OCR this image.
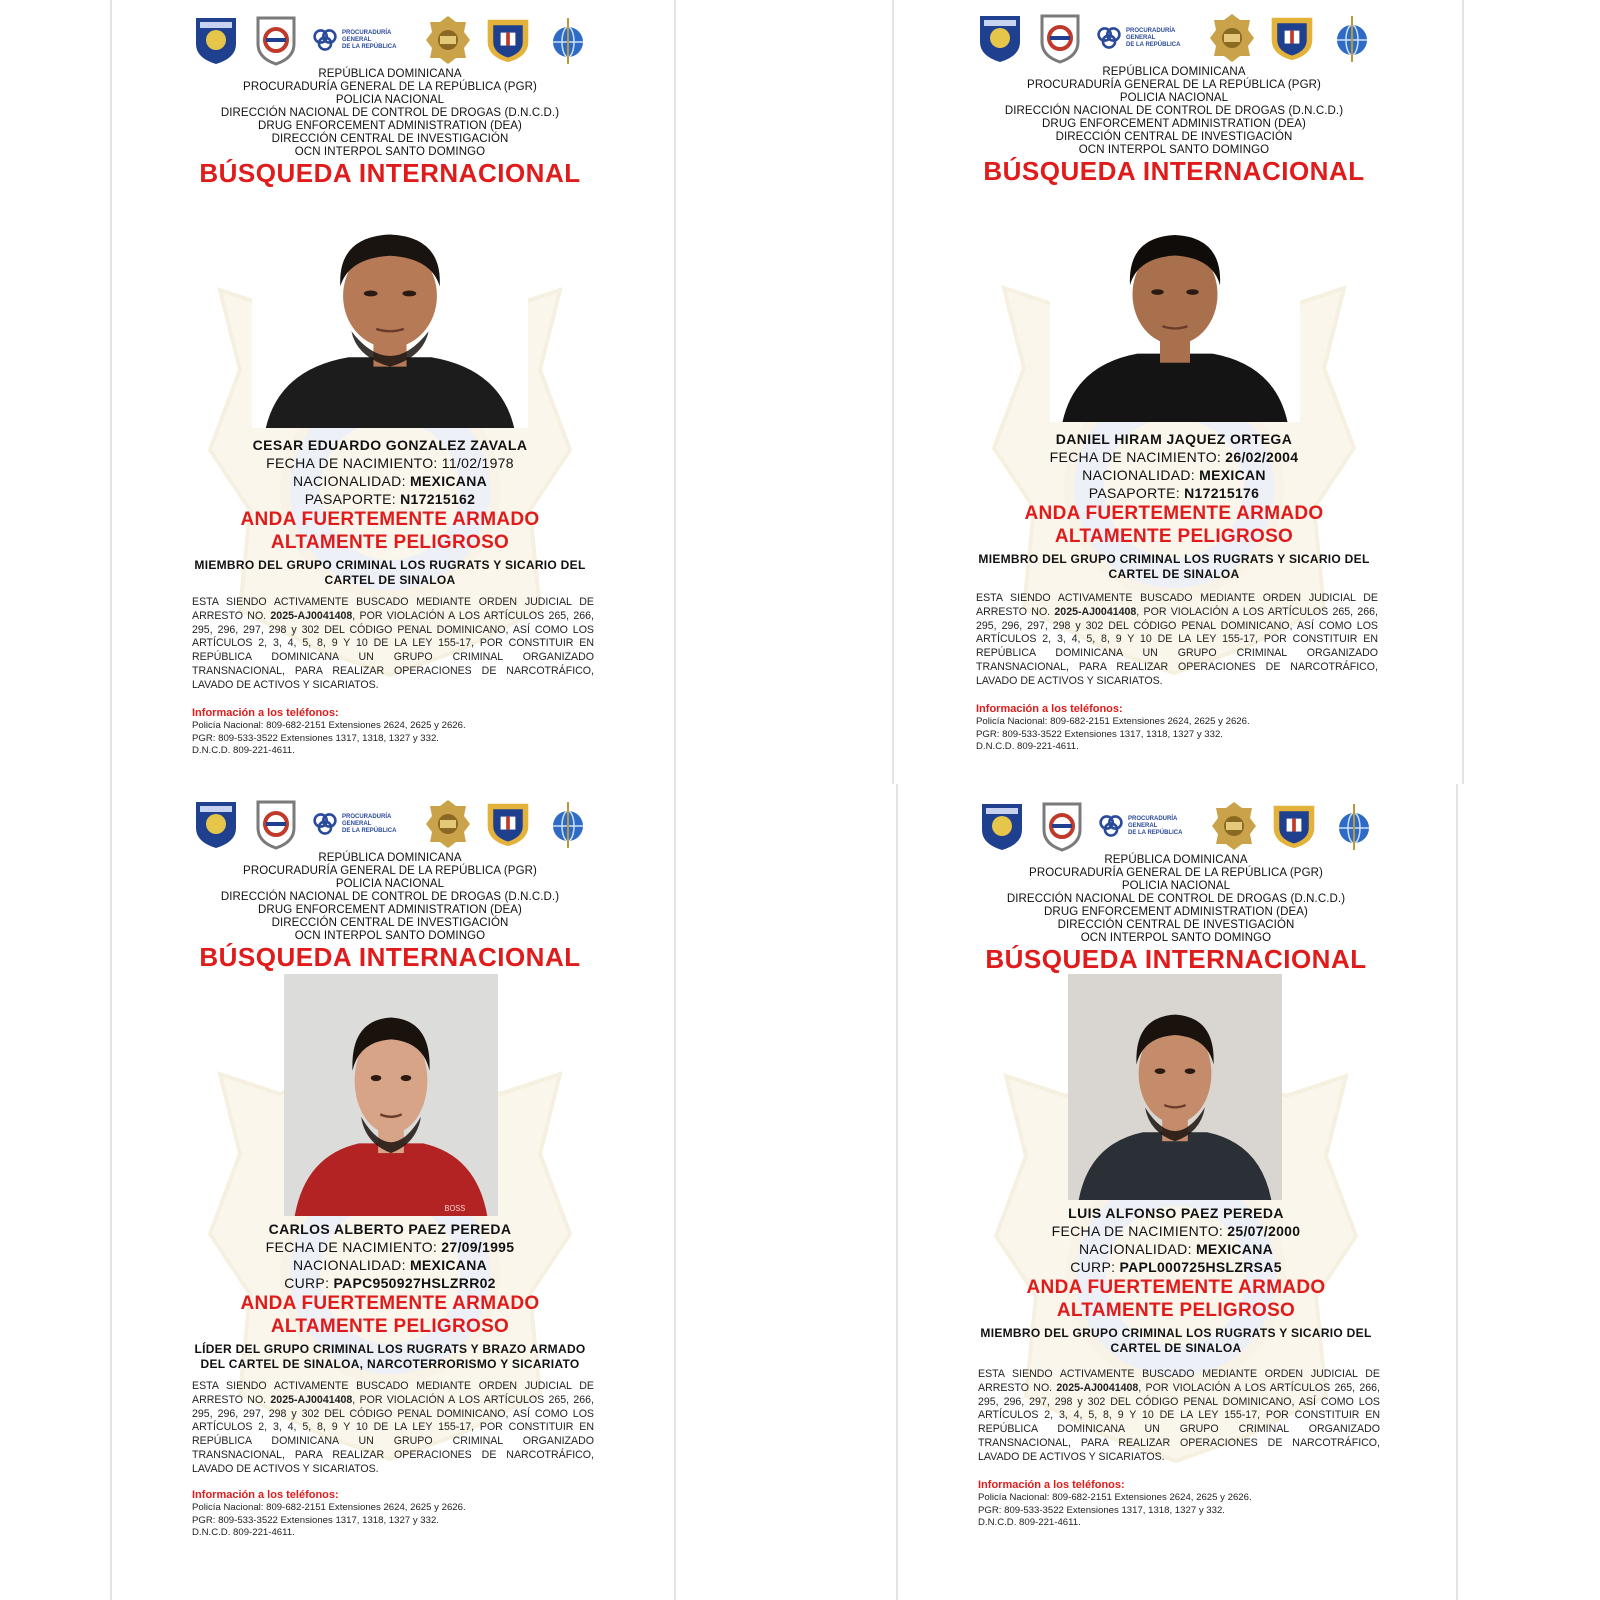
PROCURADURÍA GENERAL
DE LA REPÚBLICA
REPÚBLICA DOMINICANA
PROCURADURÍA GENERAL DE LA REPÚBLICA (PGR)
POLICIA NACIONAL
DIRECCIÓN NACIONAL DE CONTROL DE DROGAS (D.N.C.D.)
DRUG ENFORCEMENT ADMINISTRATION (DEA)
DIRECCIÓN CENTRAL DE INVESTIGACIÓN
OCN INTERPOL SANTO DOMINGO
BÚSQUEDA INTERNACIONAL
CESAR EDUARDO GONZALEZ ZAVALA
FECHA DE NACIMIENTO: 11/02/1978
NACIONALIDAD: MEXICANA
PASAPORTE: N17215162
ANDA FUERTEMENTE ARMADO
ALTAMENTE PELIGROSO
MIEMBRO DEL GRUPO CRIMINAL LOS RUGRATS Y SICARIO DEL
CARTEL DE SINALOA
ESTA SIENDO ACTIVAMENTE BUSCADO MEDIANTE ORDEN JUDICIAL DE ARRESTO NO. 2025-AJ0041408, POR VIOLACIÓN A LOS ARTÍCULOS 265, 266, 295, 296, 297, 298 y 302 DEL CÓDIGO PENAL DOMINICANO, ASÍ COMO LOS ARTÍCULOS 2, 3, 4, 5, 8, 9 Y 10 DE LA LEY 155-17, POR CONSTITUIR EN REPÚBLICA DOMINICANA UN GRUPO CRIMINAL ORGANIZADO TRANSNACIONAL, PARA REALIZAR OPERACIONES DE NARCOTRÁFICO, LAVADO DE ACTIVOS Y SICARIATOS.
Información a los teléfonos:
Policía Nacional: 809-682-2151 Extensiones 2624, 2625 y 2626.
PGR: 809-533-3522 Extensiones 1317, 1318, 1327 y 332.
D.N.C.D. 809-221-4611.
PROCURADURÍA GENERAL
DE LA REPÚBLICA
REPÚBLICA DOMINICANA
PROCURADURÍA GENERAL DE LA REPÚBLICA (PGR)
POLICIA NACIONAL
DIRECCIÓN NACIONAL DE CONTROL DE DROGAS (D.N.C.D.)
DRUG ENFORCEMENT ADMINISTRATION (DEA)
DIRECCIÓN CENTRAL DE INVESTIGACIÓN
OCN INTERPOL SANTO DOMINGO
BÚSQUEDA INTERNACIONAL
DANIEL HIRAM JAQUEZ ORTEGA
FECHA DE NACIMIENTO: 26/02/2004
NACIONALIDAD: MEXICAN
PASAPORTE: N17215176
ANDA FUERTEMENTE ARMADO
ALTAMENTE PELIGROSO
MIEMBRO DEL GRUPO CRIMINAL LOS RUGRATS Y SICARIO DEL
CARTEL DE SINALOA
ESTA SIENDO ACTIVAMENTE BUSCADO MEDIANTE ORDEN JUDICIAL DE ARRESTO NO. 2025-AJ0041408, POR VIOLACIÓN A LOS ARTÍCULOS 265, 266, 295, 296, 297, 298 y 302 DEL CÓDIGO PENAL DOMINICANO, ASÍ COMO LOS ARTÍCULOS 2, 3, 4, 5, 8, 9 Y 10 DE LA LEY 155-17, POR CONSTITUIR EN REPÚBLICA DOMINICANA UN GRUPO CRIMINAL ORGANIZADO TRANSNACIONAL, PARA REALIZAR OPERACIONES DE NARCOTRÁFICO, LAVADO DE ACTIVOS Y SICARIATOS.
Información a los teléfonos:
Policía Nacional: 809-682-2151 Extensiones 2624, 2625 y 2626.
PGR: 809-533-3522 Extensiones 1317, 1318, 1327 y 332.
D.N.C.D. 809-221-4611.
PROCURADURÍA GENERAL
DE LA REPÚBLICA
REPÚBLICA DOMINICANA
PROCURADURÍA GENERAL DE LA REPÚBLICA (PGR)
POLICIA NACIONAL
DIRECCIÓN NACIONAL DE CONTROL DE DROGAS (D.N.C.D.)
DRUG ENFORCEMENT ADMINISTRATION (DEA)
DIRECCIÓN CENTRAL DE INVESTIGACIÓN
OCN INTERPOL SANTO DOMINGO
BÚSQUEDA INTERNACIONAL
BOSS
CARLOS ALBERTO PAEZ PEREDA
FECHA DE NACIMIENTO: 27/09/1995
NACIONALIDAD: MEXICANA
CURP: PAPC950927HSLZRR02
ANDA FUERTEMENTE ARMADO
ALTAMENTE PELIGROSO
LÍDER DEL GRUPO CRIMINAL LOS RUGRATS Y BRAZO ARMADO
DEL CARTEL DE SINALOA, NARCOTERRORISMO Y SICARIATO
ESTA SIENDO ACTIVAMENTE BUSCADO MEDIANTE ORDEN JUDICIAL DE ARRESTO NO. 2025-AJ0041408, POR VIOLACIÓN A LOS ARTÍCULOS 265, 266, 295, 296, 297, 298 y 302 DEL CÓDIGO PENAL DOMINICANO, ASÍ COMO LOS ARTÍCULOS 2, 3, 4, 5, 8, 9 Y 10 DE LA LEY 155-17, POR CONSTITUIR EN REPÚBLICA DOMINICANA UN GRUPO CRIMINAL ORGANIZADO TRANSNACIONAL, PARA REALIZAR OPERACIONES DE NARCOTRÁFICO, LAVADO DE ACTIVOS Y SICARIATOS.
Información a los teléfonos:
Policía Nacional: 809-682-2151 Extensiones 2624, 2625 y 2626.
PGR: 809-533-3522 Extensiones 1317, 1318, 1327 y 332.
D.N.C.D. 809-221-4611.
PROCURADURÍA GENERAL
DE LA REPÚBLICA
REPÚBLICA DOMINICANA
PROCURADURÍA GENERAL DE LA REPÚBLICA (PGR)
POLICIA NACIONAL
DIRECCIÓN NACIONAL DE CONTROL DE DROGAS (D.N.C.D.)
DRUG ENFORCEMENT ADMINISTRATION (DEA)
DIRECCIÓN CENTRAL DE INVESTIGACIÓN
OCN INTERPOL SANTO DOMINGO
BÚSQUEDA INTERNACIONAL
LUIS ALFONSO PAEZ PEREDA
FECHA DE NACIMIENTO: 25/07/2000
NACIONALIDAD: MEXICANA
CURP: PAPL000725HSLZRSA5
ANDA FUERTEMENTE ARMADO
ALTAMENTE PELIGROSO
MIEMBRO DEL GRUPO CRIMINAL LOS RUGRATS Y SICARIO DEL
CARTEL DE SINALOA
ESTA SIENDO ACTIVAMENTE BUSCADO MEDIANTE ORDEN JUDICIAL DE ARRESTO NO. 2025-AJ0041408, POR VIOLACIÓN A LOS ARTÍCULOS 265, 266, 295, 296, 297, 298 y 302 DEL CÓDIGO PENAL DOMINICANO, ASÍ COMO LOS ARTÍCULOS 2, 3, 4, 5, 8, 9 Y 10 DE LA LEY 155-17, POR CONSTITUIR EN REPÚBLICA DOMINICANA UN GRUPO CRIMINAL ORGANIZADO TRANSNACIONAL, PARA REALIZAR OPERACIONES DE NARCOTRÁFICO, LAVADO DE ACTIVOS Y SICARIATOS.
Información a los teléfonos:
Policía Nacional: 809-682-2151 Extensiones 2624, 2625 y 2626.
PGR: 809-533-3522 Extensiones 1317, 1318, 1327 y 332.
D.N.C.D. 809-221-4611.
